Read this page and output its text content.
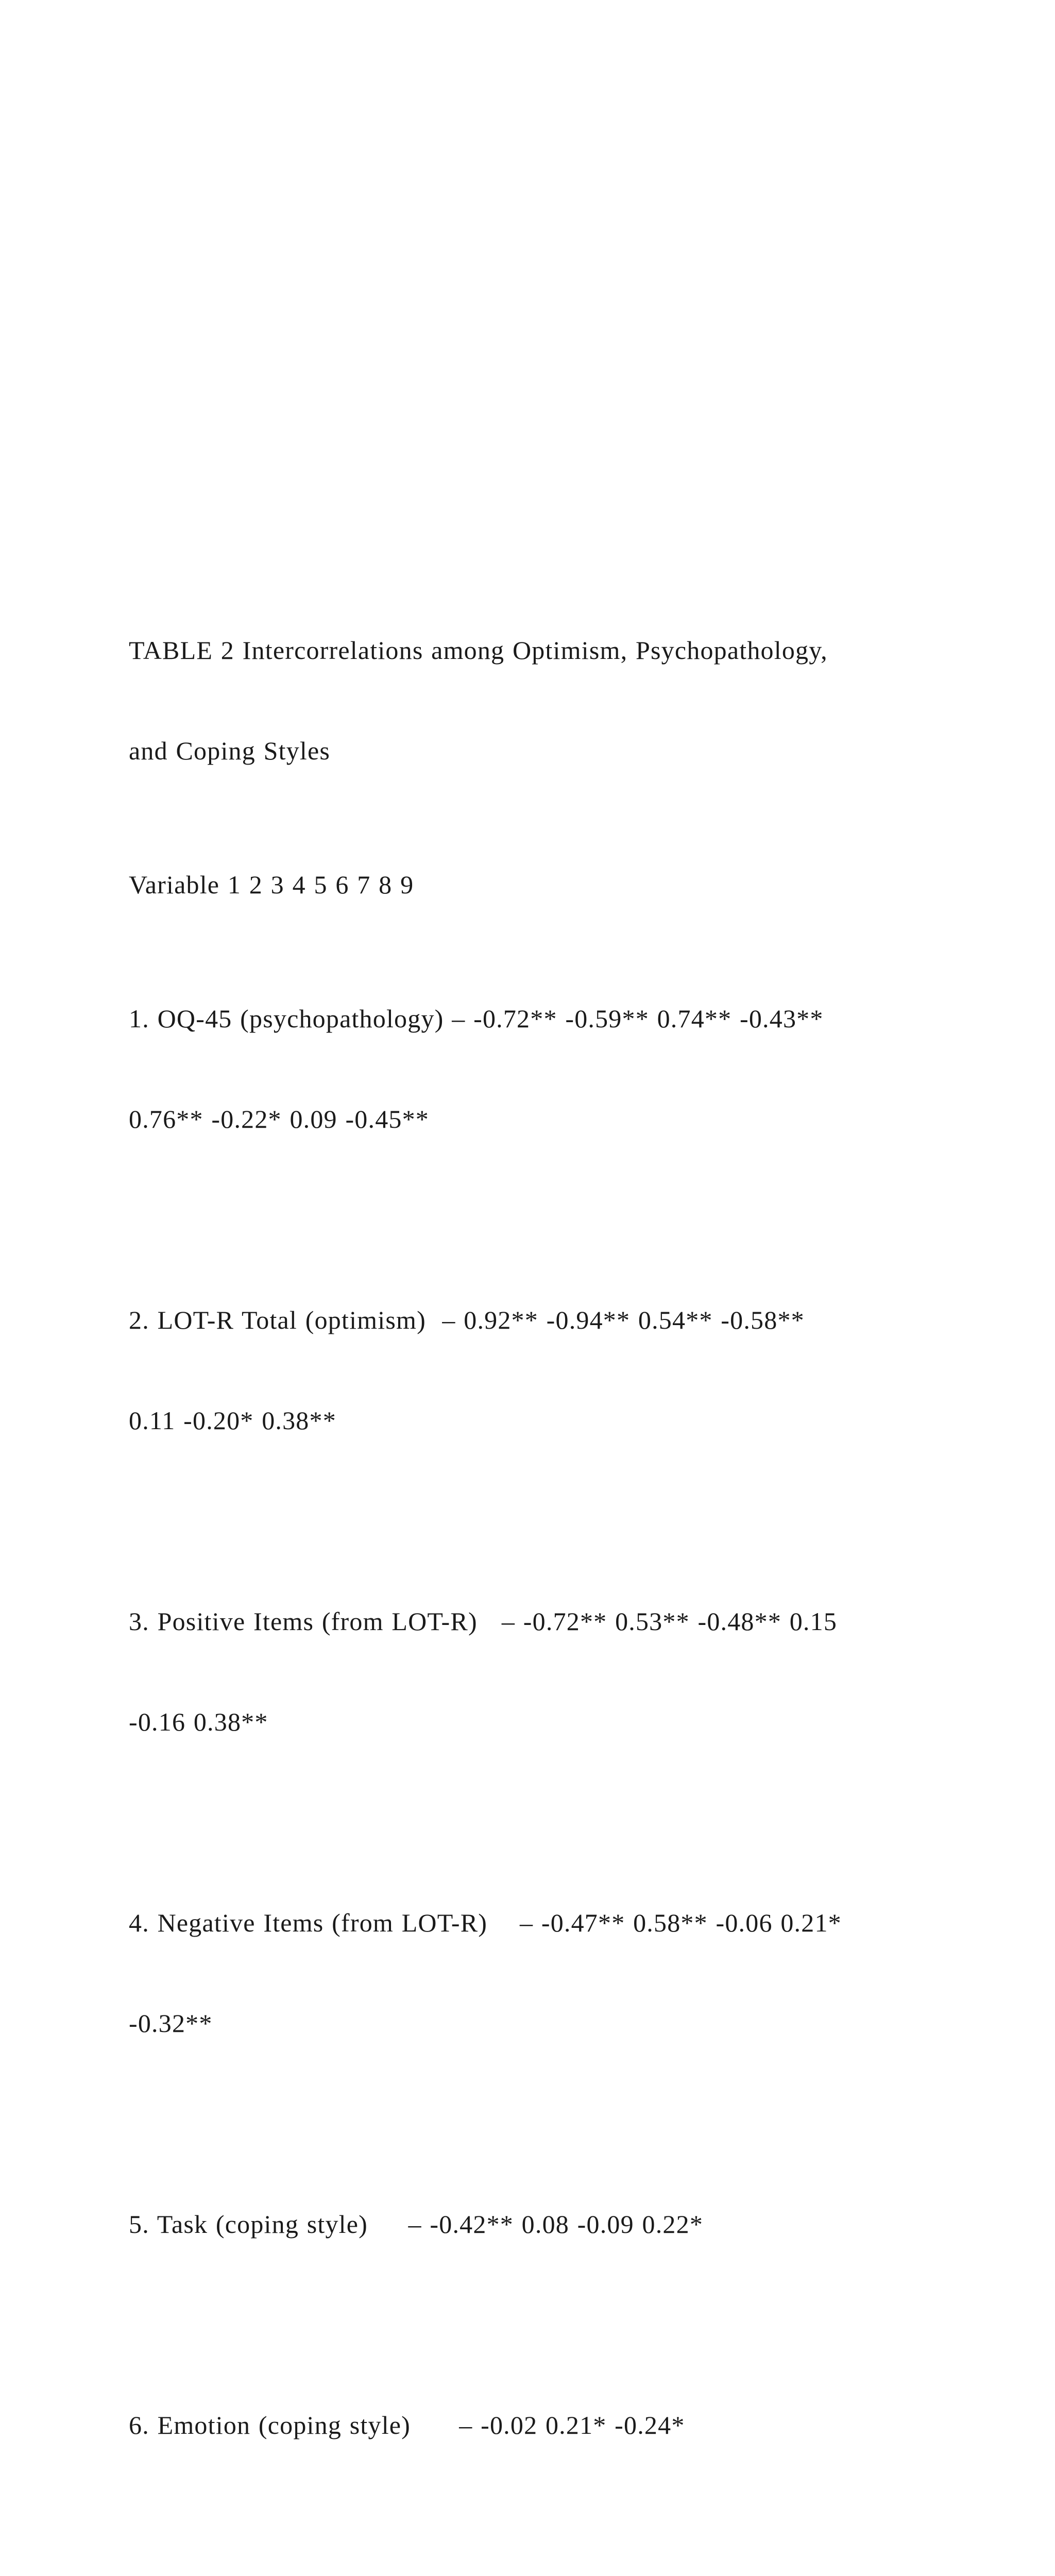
TABLE 2 Intercorrelations among Optimism, Psychopathology,

and Coping Styles

Variable 1 2 3 4 5 6 7 8 9

1. OQ-45 (psychopathology) – -0.72** -0.59** 0.74** -0.43**

0.76** -0.22* 0.09 -0.45**

2. LOT-R Total (optimism)  – 0.92** -0.94** 0.54** -0.58**

0.11 -0.20* 0.38**

3. Positive Items (from LOT-R)   – -0.72** 0.53** -0.48** 0.15

-0.16 0.38**

4. Negative Items (from LOT-R)    – -0.47** 0.58** -0.06 0.21*

-0.32**

5. Task (coping style)     – -0.42** 0.08 -0.09 0.22*

6. Emotion (coping style)      – -0.02 0.21* -0.24*
